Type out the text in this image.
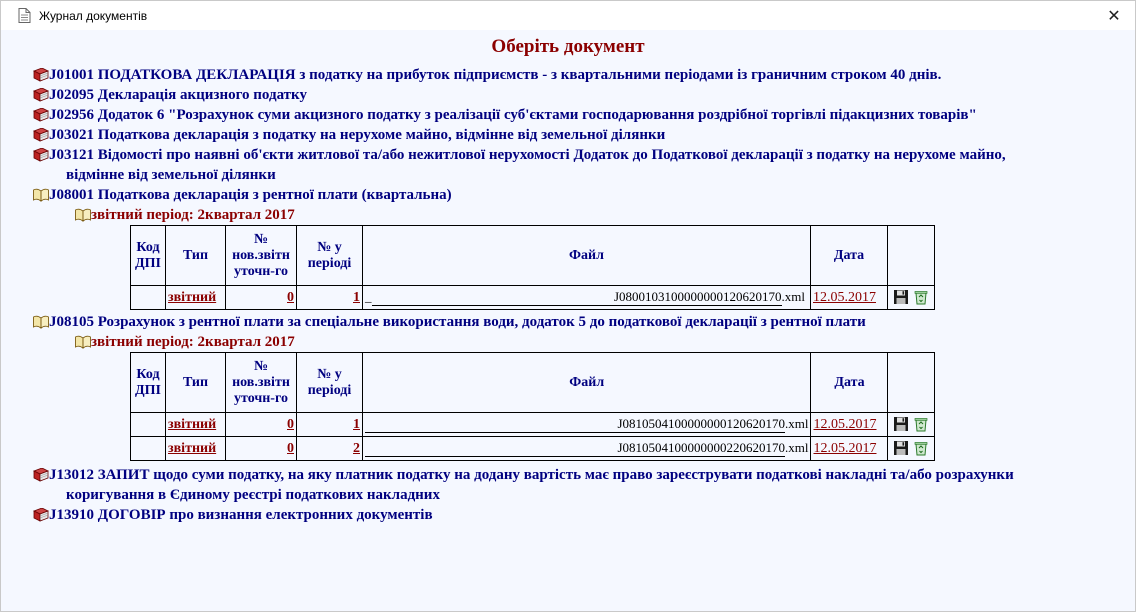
Журнал документів	✕
Оберіть документ
J01001 ПОДАТКОВА ДЕКЛАРАЦІЯ з податку на прибуток підприємств - з квартальними періодами із граничним строком 40 днів.
J02095 Декларація акцизного податку
J02956 Додаток 6 "Розрахунок суми акцизного податку з реалізації суб'єктами господарювання роздрібної торгівлі підакцизних товарів"
J03021 Податкова декларація з податку на нерухоме майно, відмінне від земельної ділянки
J03121 Відомості про наявні об'єкти житлової та/або нежитлової нерухомості Додаток до Податкової декларації з податку на нерухоме майно,
відмінне від земельної ділянки
J08001 Податкова декларація з рентної плати (квартальна)
звітний період: 2квартал 2017
Код ДПІ	Тип	№ нов.звітн уточн-го	№ у періоді	Файл	Дата	
	звітний	0	1	_ J0800103100000000120620170.xml	12.05.2017	
J08105 Розрахунок з рентної плати за спеціальне використання води, додаток 5 до податкової декларації з рентної плати
звітний період: 2квартал 2017
Код ДПІ	Тип	№ нов.звітн уточн-го	№ у періоді	Файл	Дата	
	звітний	0	1	J0810504100000000120620170.xml	12.05.2017	
	звітний	0	2	J0810504100000000220620170.xml	12.05.2017	
J13012 ЗАПИТ щодо суми податку, на яку платник податку на додану вартість має право зареєструвати податкові накладні та/або розрахунки
коригування в Єдиному реєстрі податкових накладних
J13910 ДОГОВІР про визнання електронних документів
